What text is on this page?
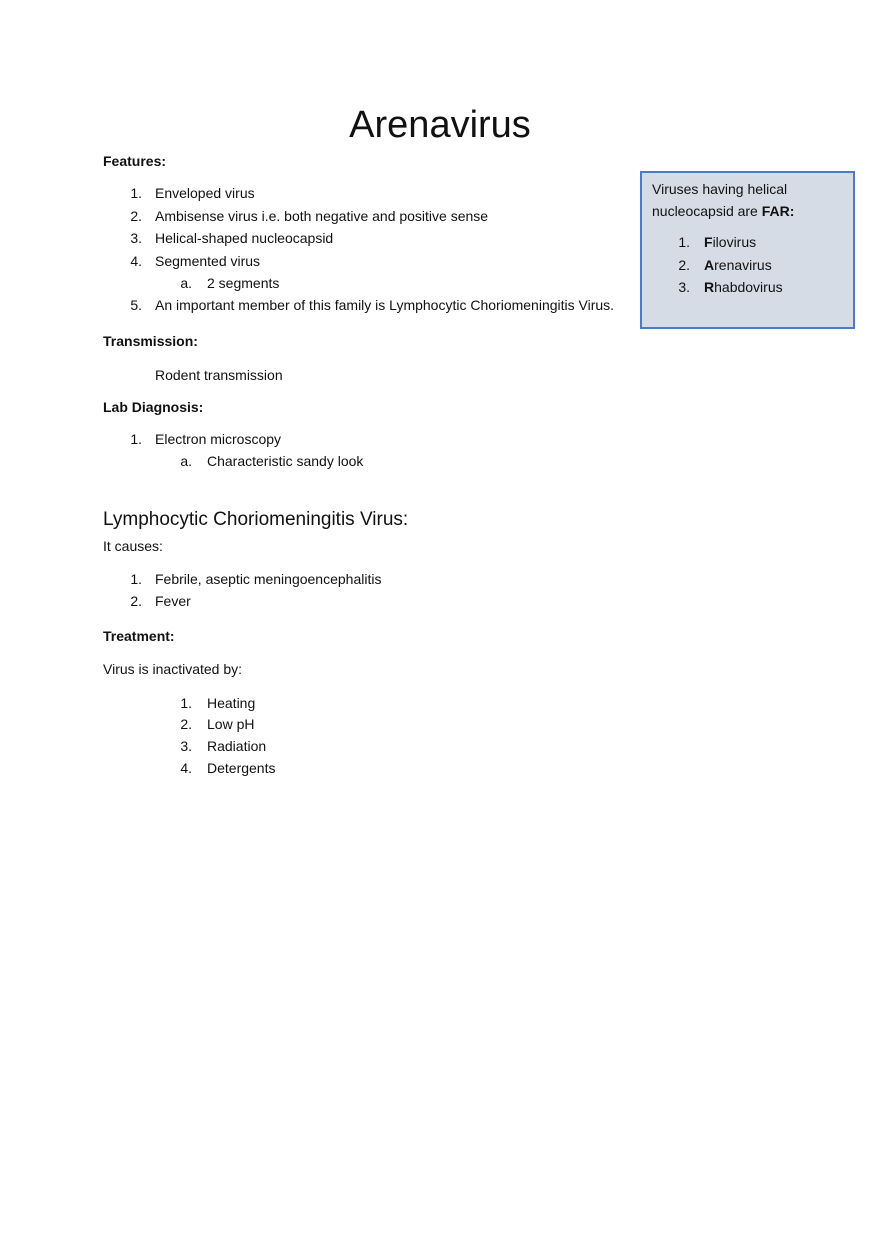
Arenavirus
Features:
1. Enveloped virus
2. Ambisense virus i.e. both negative and positive sense
3. Helical-shaped nucleocapsid
4. Segmented virus
a. 2 segments
5. An important member of this family is Lymphocytic Choriomeningitis Virus.
Transmission:
Rodent transmission
Lab Diagnosis:
1. Electron microscopy
a. Characteristic sandy look
Lymphocytic Choriomeningitis Virus:
It causes:
1. Febrile, aseptic meningoencephalitis
2. Fever
Treatment:
Virus is inactivated by:
1. Heating
2. Low pH
3. Radiation
4. Detergents
Viruses having helical
nucleocapsid are FAR:
1. Filovirus
2. Arenavirus
3. Rhabdovirus
